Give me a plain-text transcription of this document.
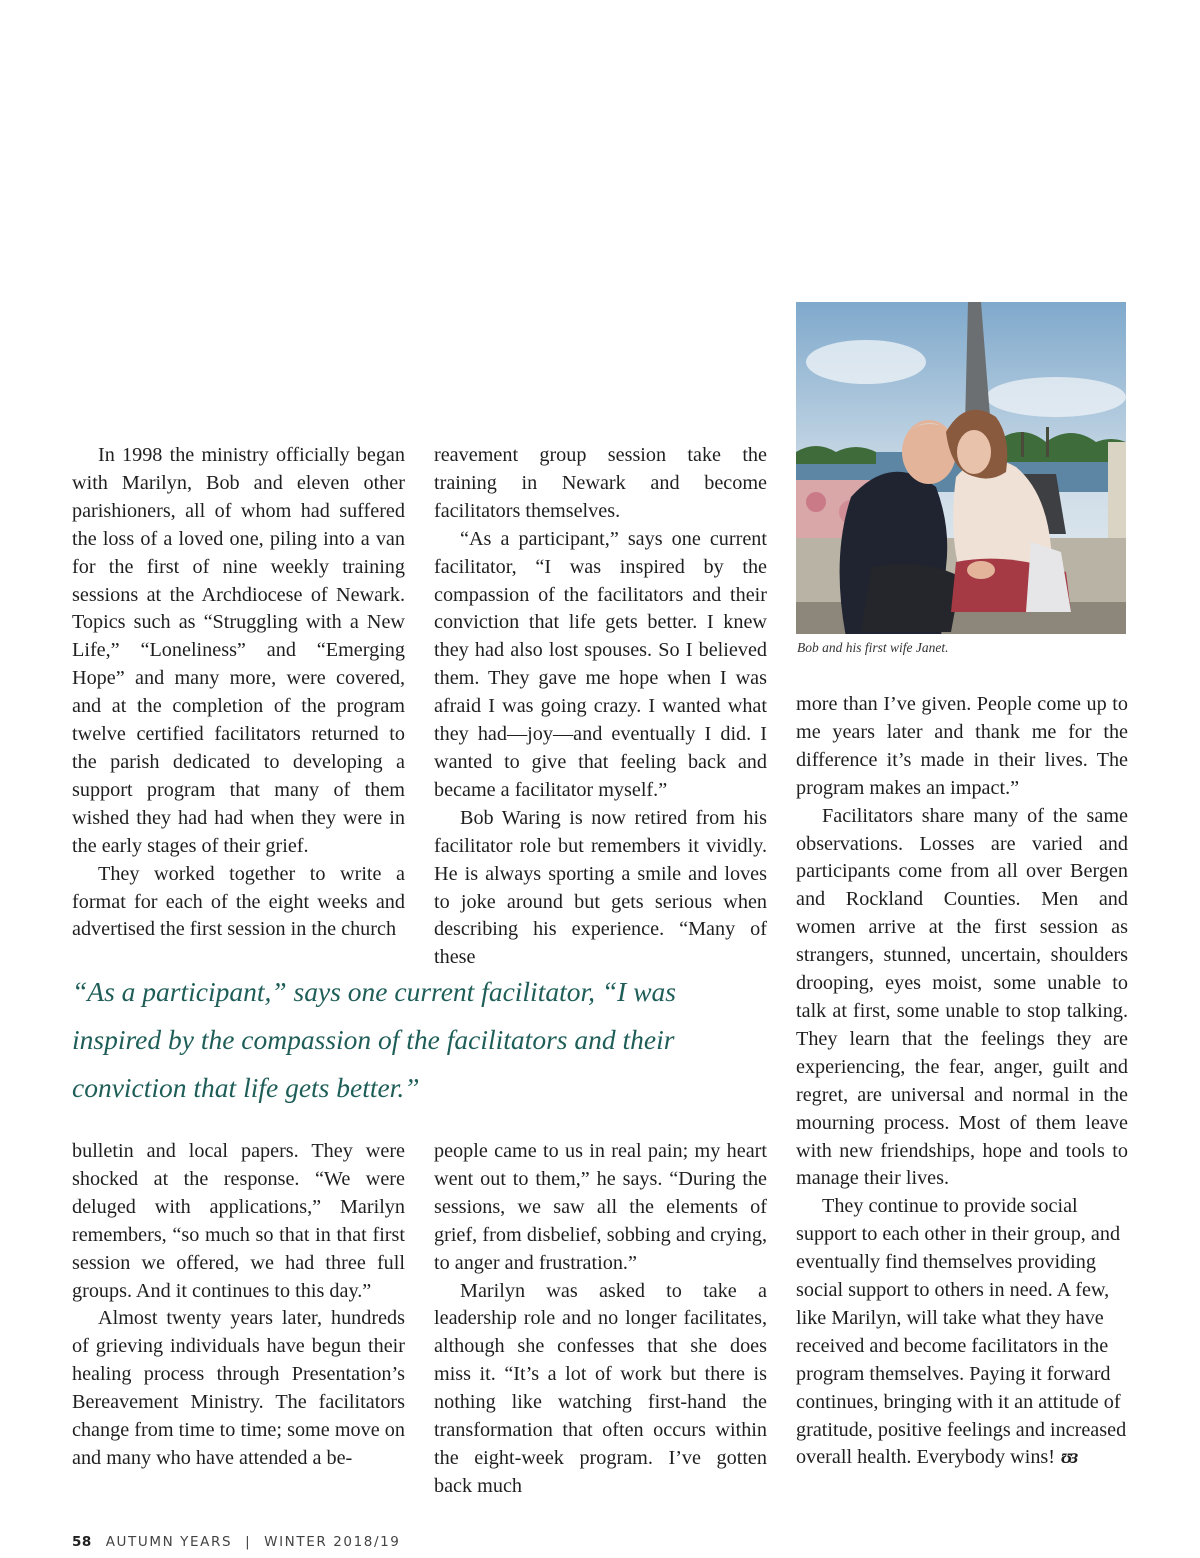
In 1998 the ministry officially began with Marilyn, Bob and eleven other parishioners, all of whom had suffered the loss of a loved one, piling into a van for the first of nine weekly training sessions at the Archdiocese of Newark. Topics such as “Struggling with a New Life,” “Loneliness” and “Emerging Hope” and many more, were covered, and at the completion of the program twelve certified facilitators returned to the parish dedicated to developing a support program that many of them wished they had had when they were in the early stages of their grief.

They worked together to write a format for each of the eight weeks and advertised the first session in the church

reavement group session take the training in Newark and become facilitators themselves.

“As a participant,” says one current facilitator, “I was inspired by the compassion of the facilitators and their conviction that life gets better. I knew they had also lost spouses. So I believed them. They gave me hope when I was afraid I was going crazy. I wanted what they had—joy—and eventually I did. I wanted to give that feeling back and became a facilitator myself.”

Bob Waring is now retired from his facilitator role but remembers it vividly. He is always sporting a smile and loves to joke around but gets serious when describing his experience. “Many of these

Bob and his first wife Janet.
“As a participant,” says one current facilitator, “I was inspired by the compassion of the facilitators and their conviction that life gets better.”

bulletin and local papers. They were shocked at the response. “We were deluged with applications,” Marilyn remembers, “so much so that in that first session we offered, we had three full groups. And it continues to this day.”

Almost twenty years later, hundreds of grieving individuals have begun their healing process through Presentation’s Bereavement Ministry. The facilitators change from time to time; some move on and many who have attended a be-

people came to us in real pain; my heart went out to them,” he says. “During the sessions, we saw all the elements of grief, from disbelief, sobbing and crying, to anger and frustration.”

Marilyn was asked to take a leadership role and no longer facilitates, although she confesses that she does miss it. “It’s a lot of work but there is nothing like watching first-hand the transformation that often occurs within the eight-week program. I’ve gotten back much

more than I’ve given. People come up to me years later and thank me for the difference it’s made in their lives. The program makes an impact.”

Facilitators share many of the same observations. Losses are varied and participants come from all over Bergen and Rockland Counties. Men and women arrive at the first session as strangers, stunned, uncertain, shoulders drooping, eyes moist, some unable to talk at first, some unable to stop talking. They learn that the feelings they are experiencing, the fear, anger, guilt and regret, are universal and normal in the mourning process. Most of them leave with new friendships, hope and tools to manage their lives.

They continue to provide social support to each other in their group, and eventually find themselves providing social support to others in need. A few, like Marilyn, will take what they have received and become facilitators in the program themselves. Paying it forward continues, bringing with it an attitude of gratitude, positive feelings and increased overall health. Everybody wins! ʊɜ

58 AUTUMN YEARS | WINTER 2018/19
